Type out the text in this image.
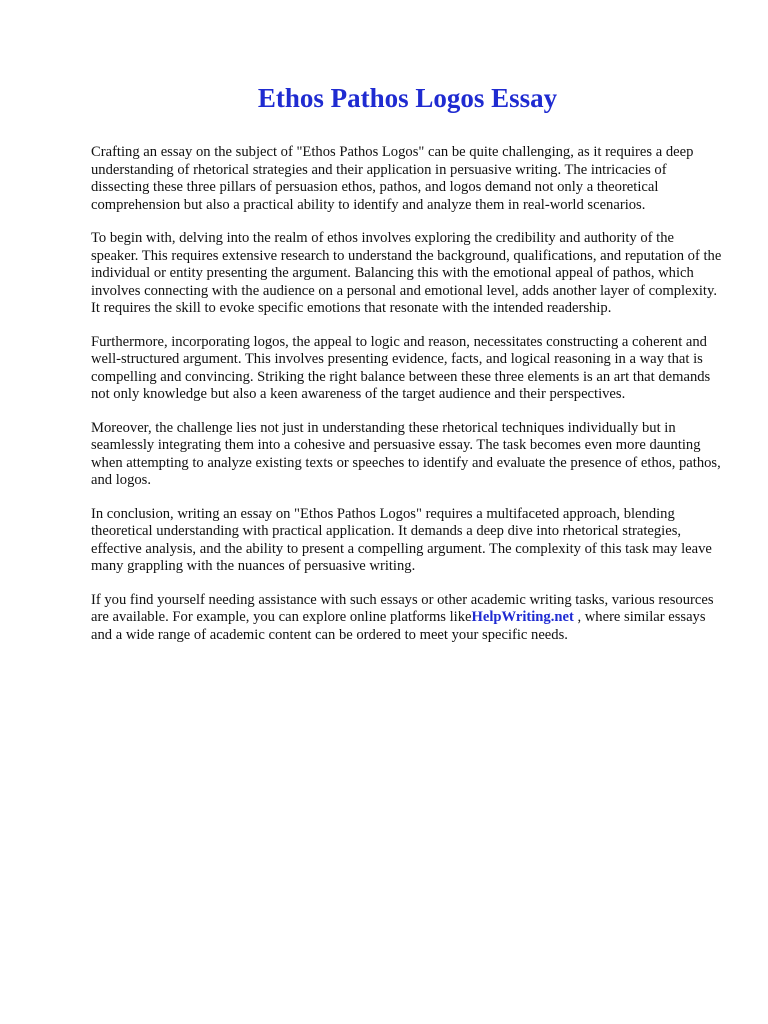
Ethos Pathos Logos Essay

Crafting an essay on the subject of "Ethos Pathos Logos" can be quite challenging, as it requires a deep understanding of rhetorical strategies and their application in persuasive writing. The intricacies of dissecting these three pillars of persuasion ethos, pathos, and logos demand not only a theoretical comprehension but also a practical ability to identify and analyze them in real-world scenarios.

To begin with, delving into the realm of ethos involves exploring the credibility and authority of the speaker. This requires extensive research to understand the background, qualifications, and reputation of the individual or entity presenting the argument. Balancing this with the emotional appeal of pathos, which involves connecting with the audience on a personal and emotional level, adds another layer of complexity. It requires the skill to evoke specific emotions that resonate with the intended readership.

Furthermore, incorporating logos, the appeal to logic and reason, necessitates constructing a coherent and well-structured argument. This involves presenting evidence, facts, and logical reasoning in a way that is compelling and convincing. Striking the right balance between these three elements is an art that demands not only knowledge but also a keen awareness of the target audience and their perspectives.

Moreover, the challenge lies not just in understanding these rhetorical techniques individually but in seamlessly integrating them into a cohesive and persuasive essay. The task becomes even more daunting when attempting to analyze existing texts or speeches to identify and evaluate the presence of ethos, pathos, and logos.

In conclusion, writing an essay on "Ethos Pathos Logos" requires a multifaceted approach, blending theoretical understanding with practical application. It demands a deep dive into rhetorical strategies, effective analysis, and the ability to present a compelling argument. The complexity of this task may leave many grappling with the nuances of persuasive writing.

If you find yourself needing assistance with such essays or other academic writing tasks, various resources are available. For example, you can explore online platforms likeHelpWriting.net , where similar essays and a wide range of academic content can be ordered to meet your specific needs.
